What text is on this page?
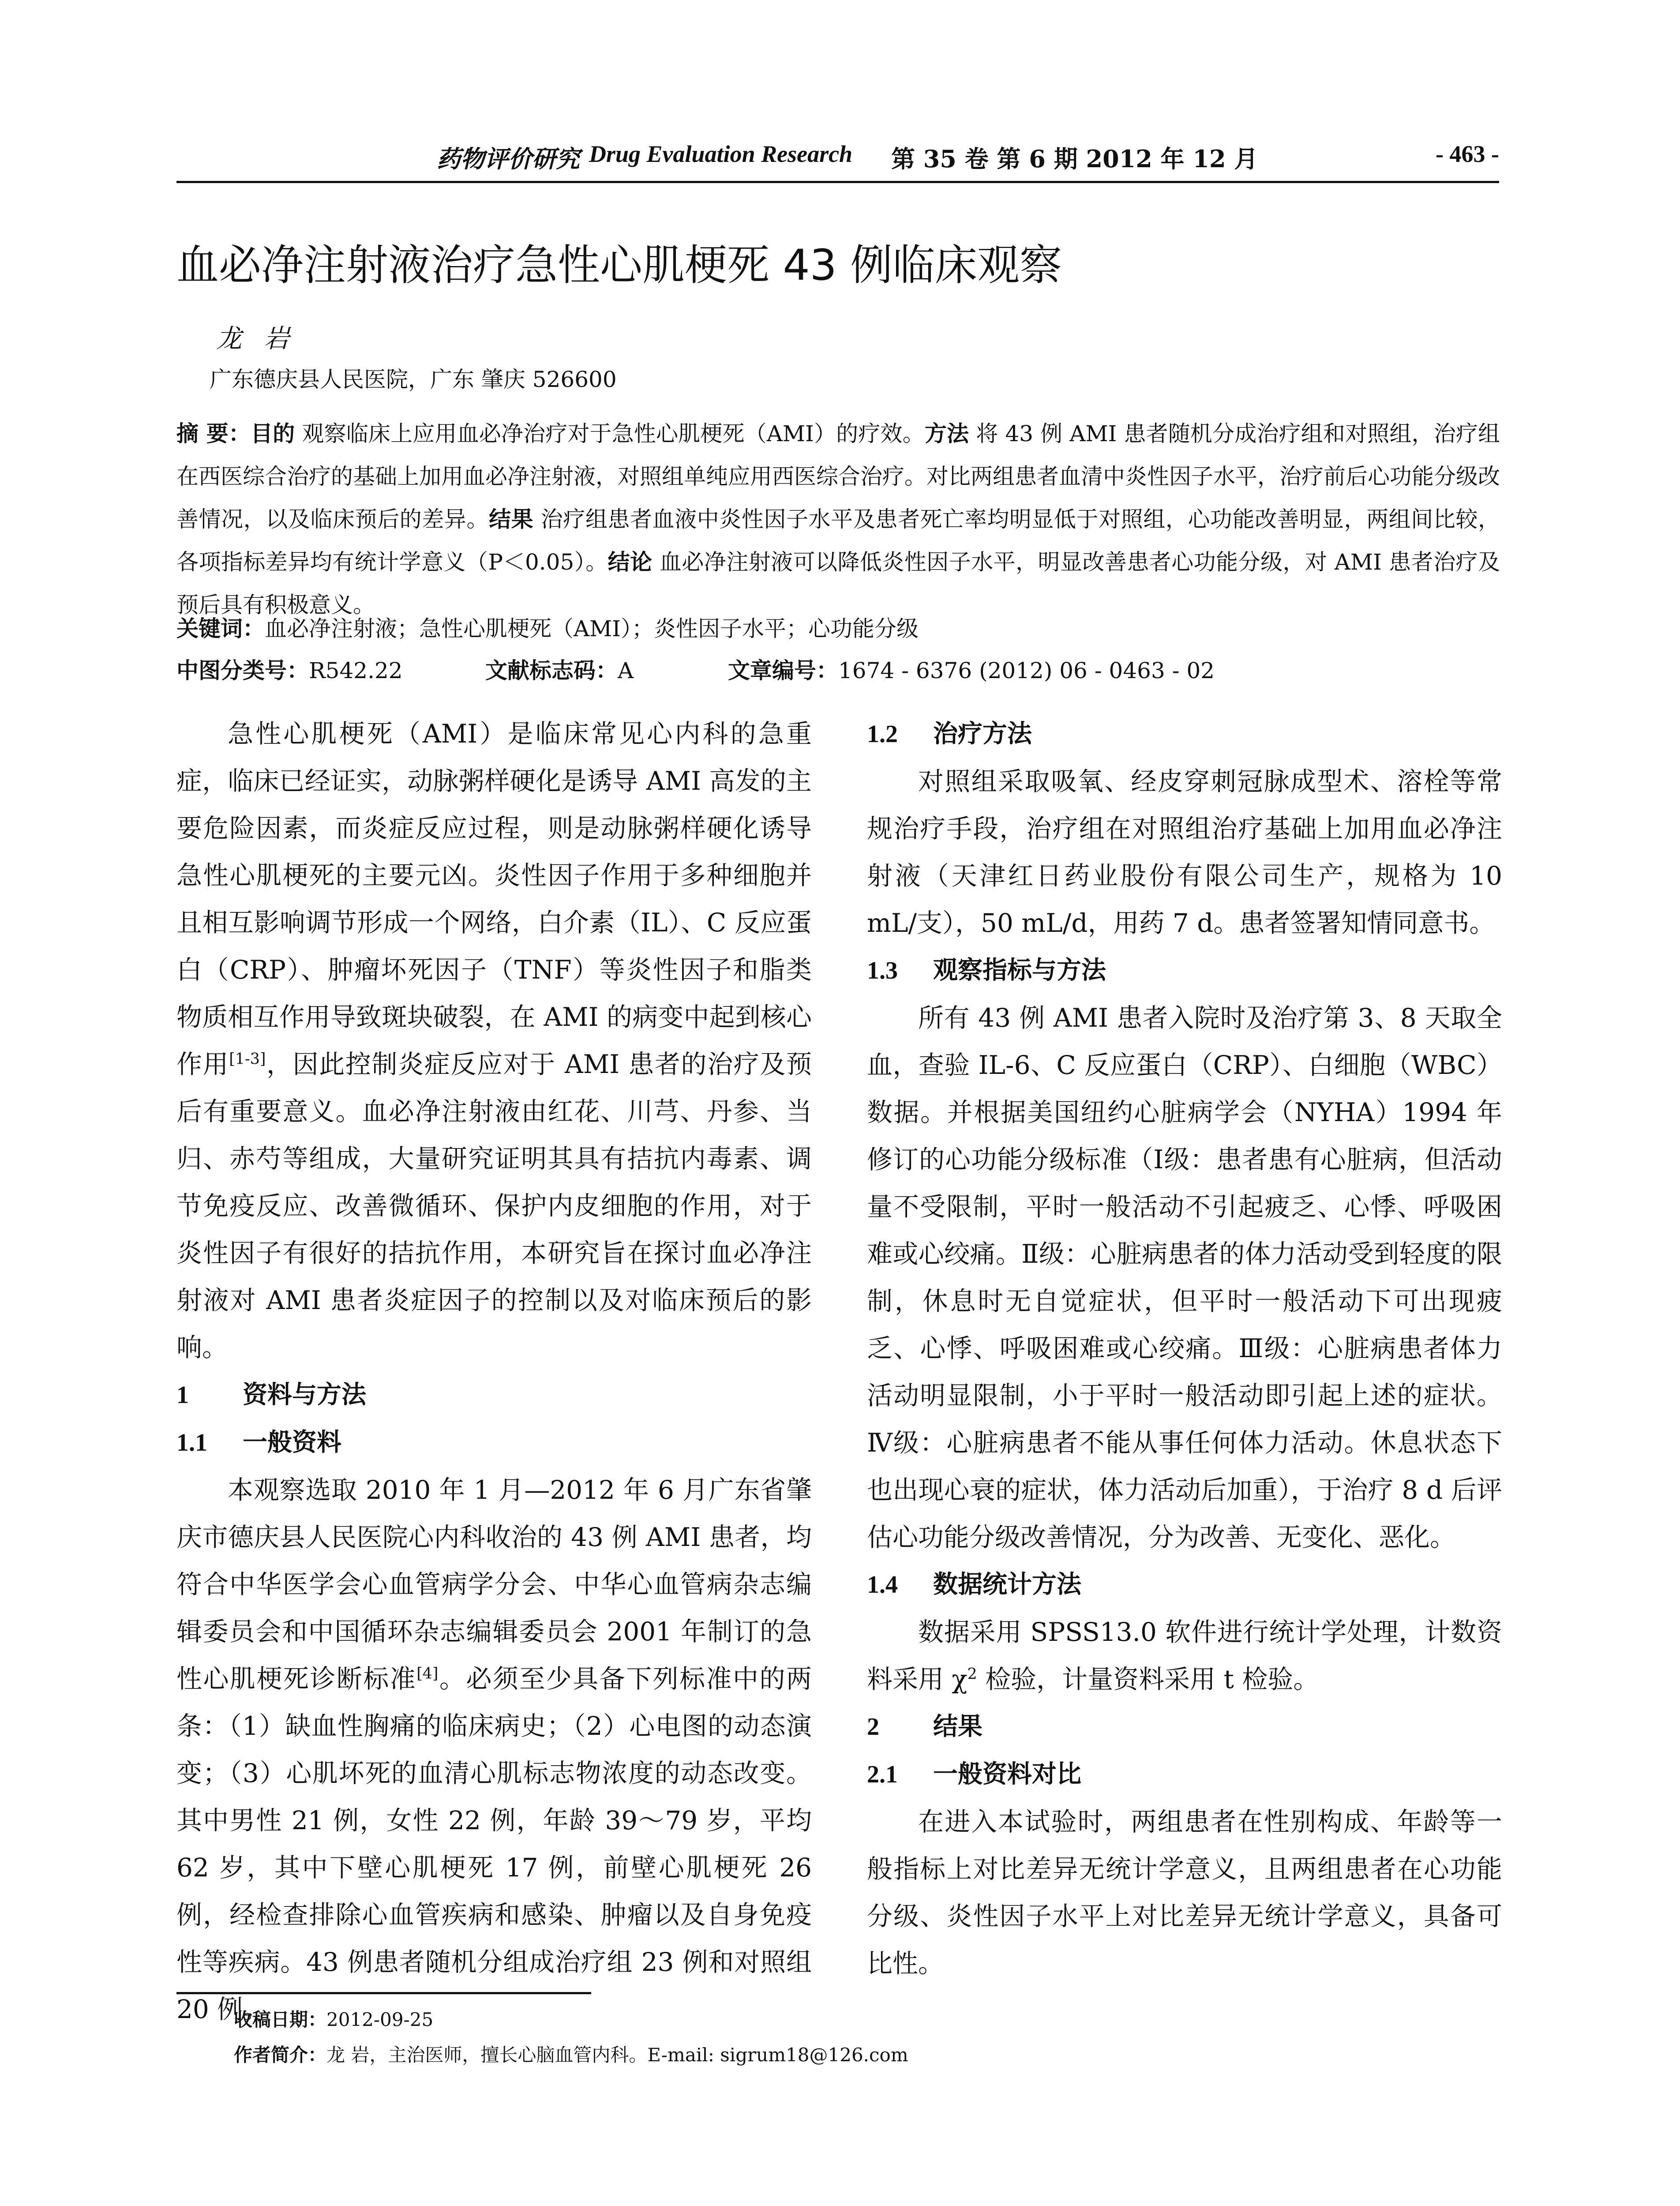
药物评价研究 Drug Evaluation Research 第 35 卷 第 6 期 2012 年 12 月	- 463 -
血必净注射液治疗急性心肌梗死 43 例临床观察
龙岩
广东德庆县人民医院，广东 肇庆 526600
摘 要：目的 观察临床上应用血必净治疗对于急性心肌梗死（AMI）的疗效。方法 将 43 例 AMI 患者随机分成治疗组和对照组，治疗组在西医综合治疗的基础上加用血必净注射液，对照组单纯应用西医综合治疗。对比两组患者血清中炎性因子水平，治疗前后心功能分级改善情况，以及临床预后的差异。结果 治疗组患者血液中炎性因子水平及患者死亡率均明显低于对照组，心功能改善明显，两组间比较，各项指标差异均有统计学意义（P＜0.05）。结论 血必净注射液可以降低炎性因子水平，明显改善患者心功能分级，对 AMI 患者治疗及预后具有积极意义。
关键词：血必净注射液；急性心肌梗死（AMI）；炎性因子水平；心功能分级
中图分类号：R542.22	文献标志码：A	文章编号：1674 - 6376 (2012) 06 - 0463 - 02

急性心肌梗死（AMI）是临床常见心内科的急重症，临床已经证实，动脉粥样硬化是诱导 AMI 高发的主要危险因素，而炎症反应过程，则是动脉粥样硬化诱导急性心肌梗死的主要元凶。炎性因子作用于多种细胞并且相互影响调节形成一个网络，白介素（IL）、C 反应蛋白（CRP）、肿瘤坏死因子（TNF）等炎性因子和脂类物质相互作用导致斑块破裂，在 AMI 的病变中起到核心作用[1-3]，因此控制炎症反应对于 AMI 患者的治疗及预后有重要意义。血必净注射液由红花、川芎、丹参、当归、赤芍等组成，大量研究证明其具有拮抗内毒素、调节免疫反应、改善微循环、保护内皮细胞的作用，对于炎性因子有很好的拮抗作用，本研究旨在探讨血必净注射液对 AMI 患者炎症因子的控制以及对临床预后的影响。

1 资料与方法
1.1 一般资料

本观察选取 2010 年 1 月—2012 年 6 月广东省肇庆市德庆县人民医院心内科收治的 43 例 AMI 患者，均符合中华医学会心血管病学分会、中华心血管病杂志编辑委员会和中国循环杂志编辑委员会 2001 年制订的急性心肌梗死诊断标准[4]。必须至少具备下列标准中的两条：（1）缺血性胸痛的临床病史；（2）心电图的动态演变；（3）心肌坏死的血清心肌标志物浓度的动态改变。其中男性 21 例，女性 22 例，年龄 39～79 岁，平均 62 岁，其中下壁心肌梗死 17 例，前壁心肌梗死 26 例，经检查排除心血管疾病和感染、肿瘤以及自身免疫性等疾病。43 例患者随机分组成治疗组 23 例和对照组 20 例。

1.2 治疗方法

对照组采取吸氧、经皮穿刺冠脉成型术、溶栓等常规治疗手段，治疗组在对照组治疗基础上加用血必净注射液（天津红日药业股份有限公司生产，规格为 10 mL/支），50 mL/d，用药 7 d。患者签署知情同意书。

1.3 观察指标与方法

所有 43 例 AMI 患者入院时及治疗第 3、8 天取全血，查验 IL-6、C 反应蛋白（CRP）、白细胞（WBC）数据。并根据美国纽约心脏病学会（NYHA）1994 年修订的心功能分级标准（Ⅰ级：患者患有心脏病，但活动量不受限制，平时一般活动不引起疲乏、心悸、呼吸困难或心绞痛。Ⅱ级：心脏病患者的体力活动受到轻度的限制，休息时无自觉症状，但平时一般活动下可出现疲乏、心悸、呼吸困难或心绞痛。Ⅲ级：心脏病患者体力活动明显限制，小于平时一般活动即引起上述的症状。Ⅳ级：心脏病患者不能从事任何体力活动。休息状态下也出现心衰的症状，体力活动后加重），于治疗 8 d 后评估心功能分级改善情况，分为改善、无变化、恶化。

1.4 数据统计方法

数据采用 SPSS13.0 软件进行统计学处理，计数资料采用 $\chi^2$ 检验，计量资料采用 t 检验。

2 结果
2.1 一般资料对比

在进入本试验时，两组患者在性别构成、年龄等一般指标上对比差异无统计学意义，且两组患者在心功能分级、炎性因子水平上对比差异无统计学意义，具备可比性。

收稿日期：2012-09-25
作者简介：龙 岩，主治医师，擅长心脑血管内科。E-mail: sigrum18@126.com
